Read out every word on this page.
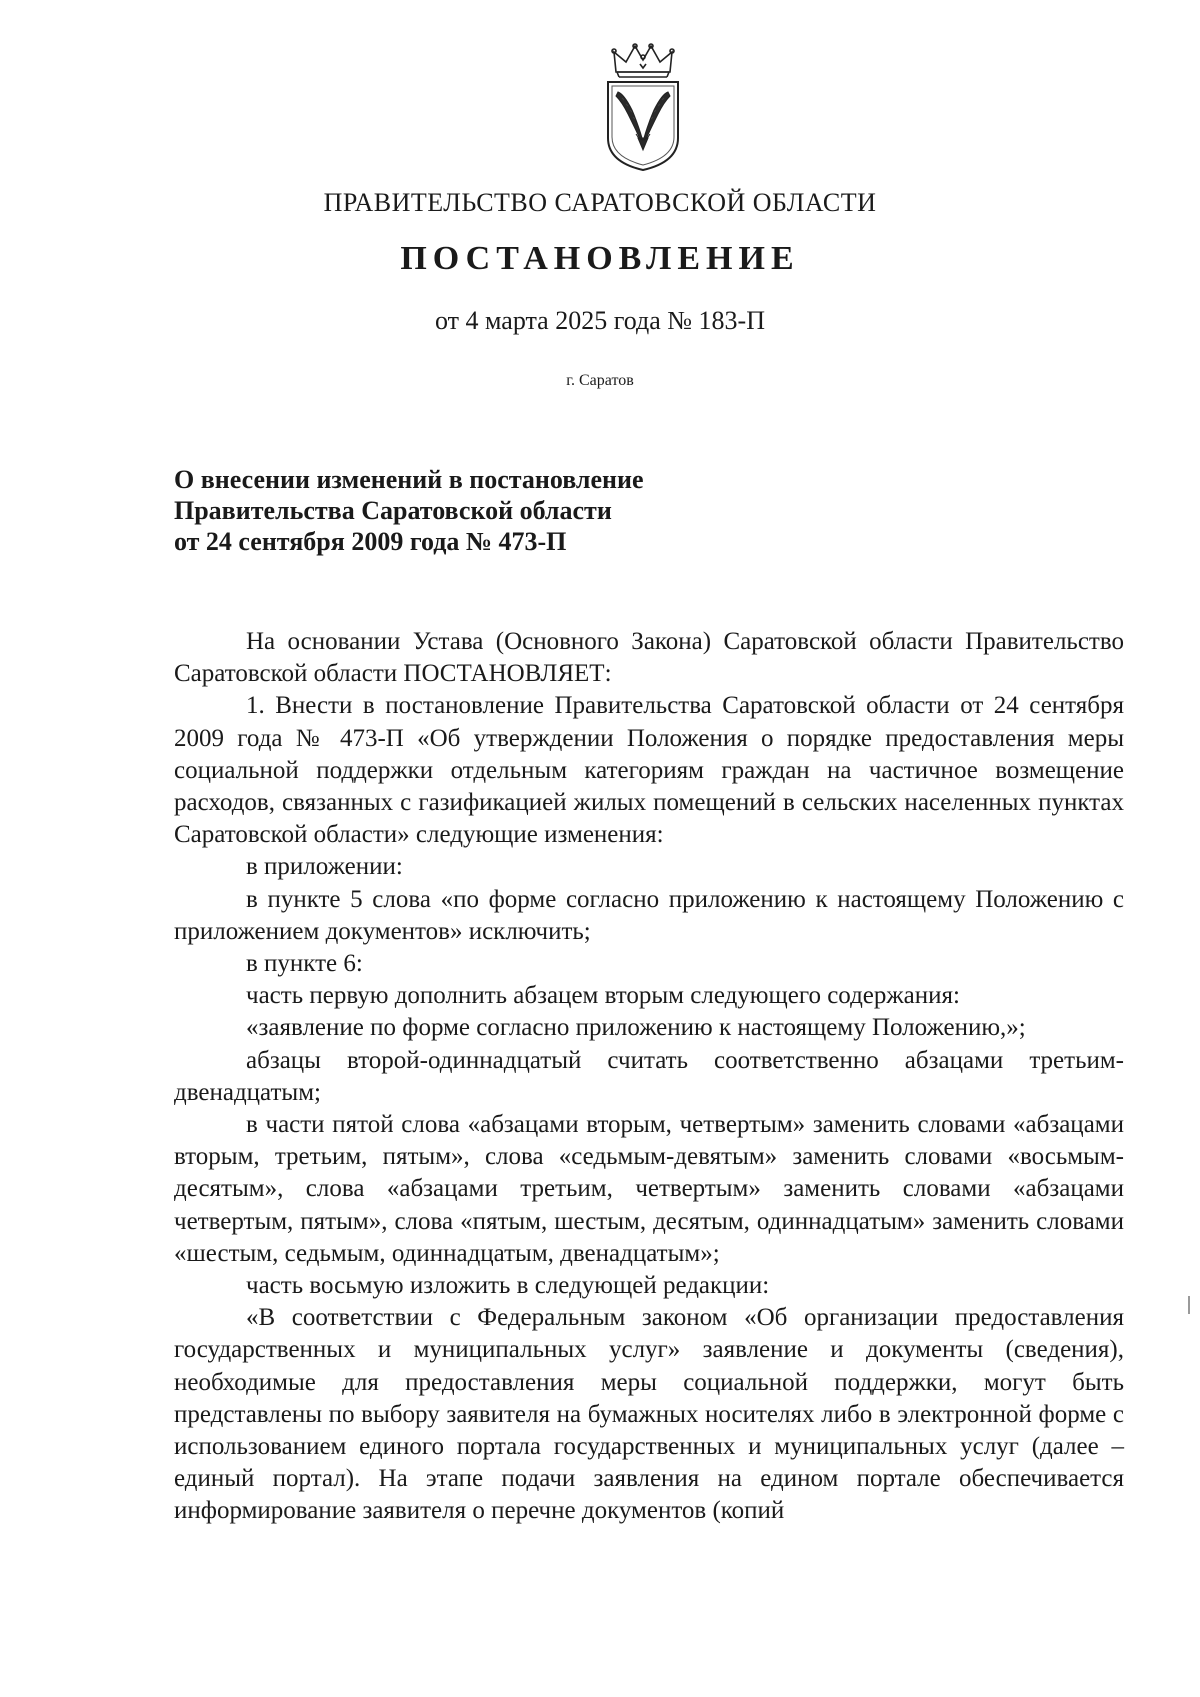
ПРАВИТЕЛЬСТВО САРАТОВСКОЙ ОБЛАСТИ
ПОСТАНОВЛЕНИЕ
от 4 марта 2025 года № 183-П
г. Саратов
О внесении изменений в постановление
Правительства Саратовской области
от 24 сентября 2009 года № 473-П

На основании Устава (Основного Закона) Саратовской области Правительство Саратовской области ПОСТАНОВЛЯЕТ:

1. Внести в постановление Правительства Саратовской области от 24 сентября 2009 года № 473-П «Об утверждении Положения о порядке предоставления меры социальной поддержки отдельным категориям граждан на частичное возмещение расходов, связанных с газификацией жилых помещений в сельских населенных пунктах Саратовской области» следующие изменения:

в приложении:

в пункте 5 слова «по форме согласно приложению к настоящему Положению с приложением документов» исключить;

в пункте 6:

часть первую дополнить абзацем вторым следующего содержания:

«заявление по форме согласно приложению к настоящему Положению,»;

абзацы второй-одиннадцатый считать соответственно абзацами третьим-двенадцатым;

в части пятой слова «абзацами вторым, четвертым» заменить словами «абзацами вторым, третьим, пятым», слова «седьмым-девятым» заменить словами «восьмым-десятым», слова «абзацами третьим, четвертым» заменить словами «абзацами четвертым, пятым», слова «пятым, шестым, десятым, одиннадцатым» заменить словами «шестым, седьмым, одиннадцатым, двенадцатым»;

часть восьмую изложить в следующей редакции:

«В соответствии с Федеральным законом «Об организации предоставления государственных и муниципальных услуг» заявление и документы (сведения), необходимые для предоставления меры социальной поддержки, могут быть представлены по выбору заявителя на бумажных носителях либо в электронной форме с использованием единого портала государственных и муниципальных услуг (далее – единый портал). На этапе подачи заявления на едином портале обеспечивается информирование заявителя о перечне документов (копий
